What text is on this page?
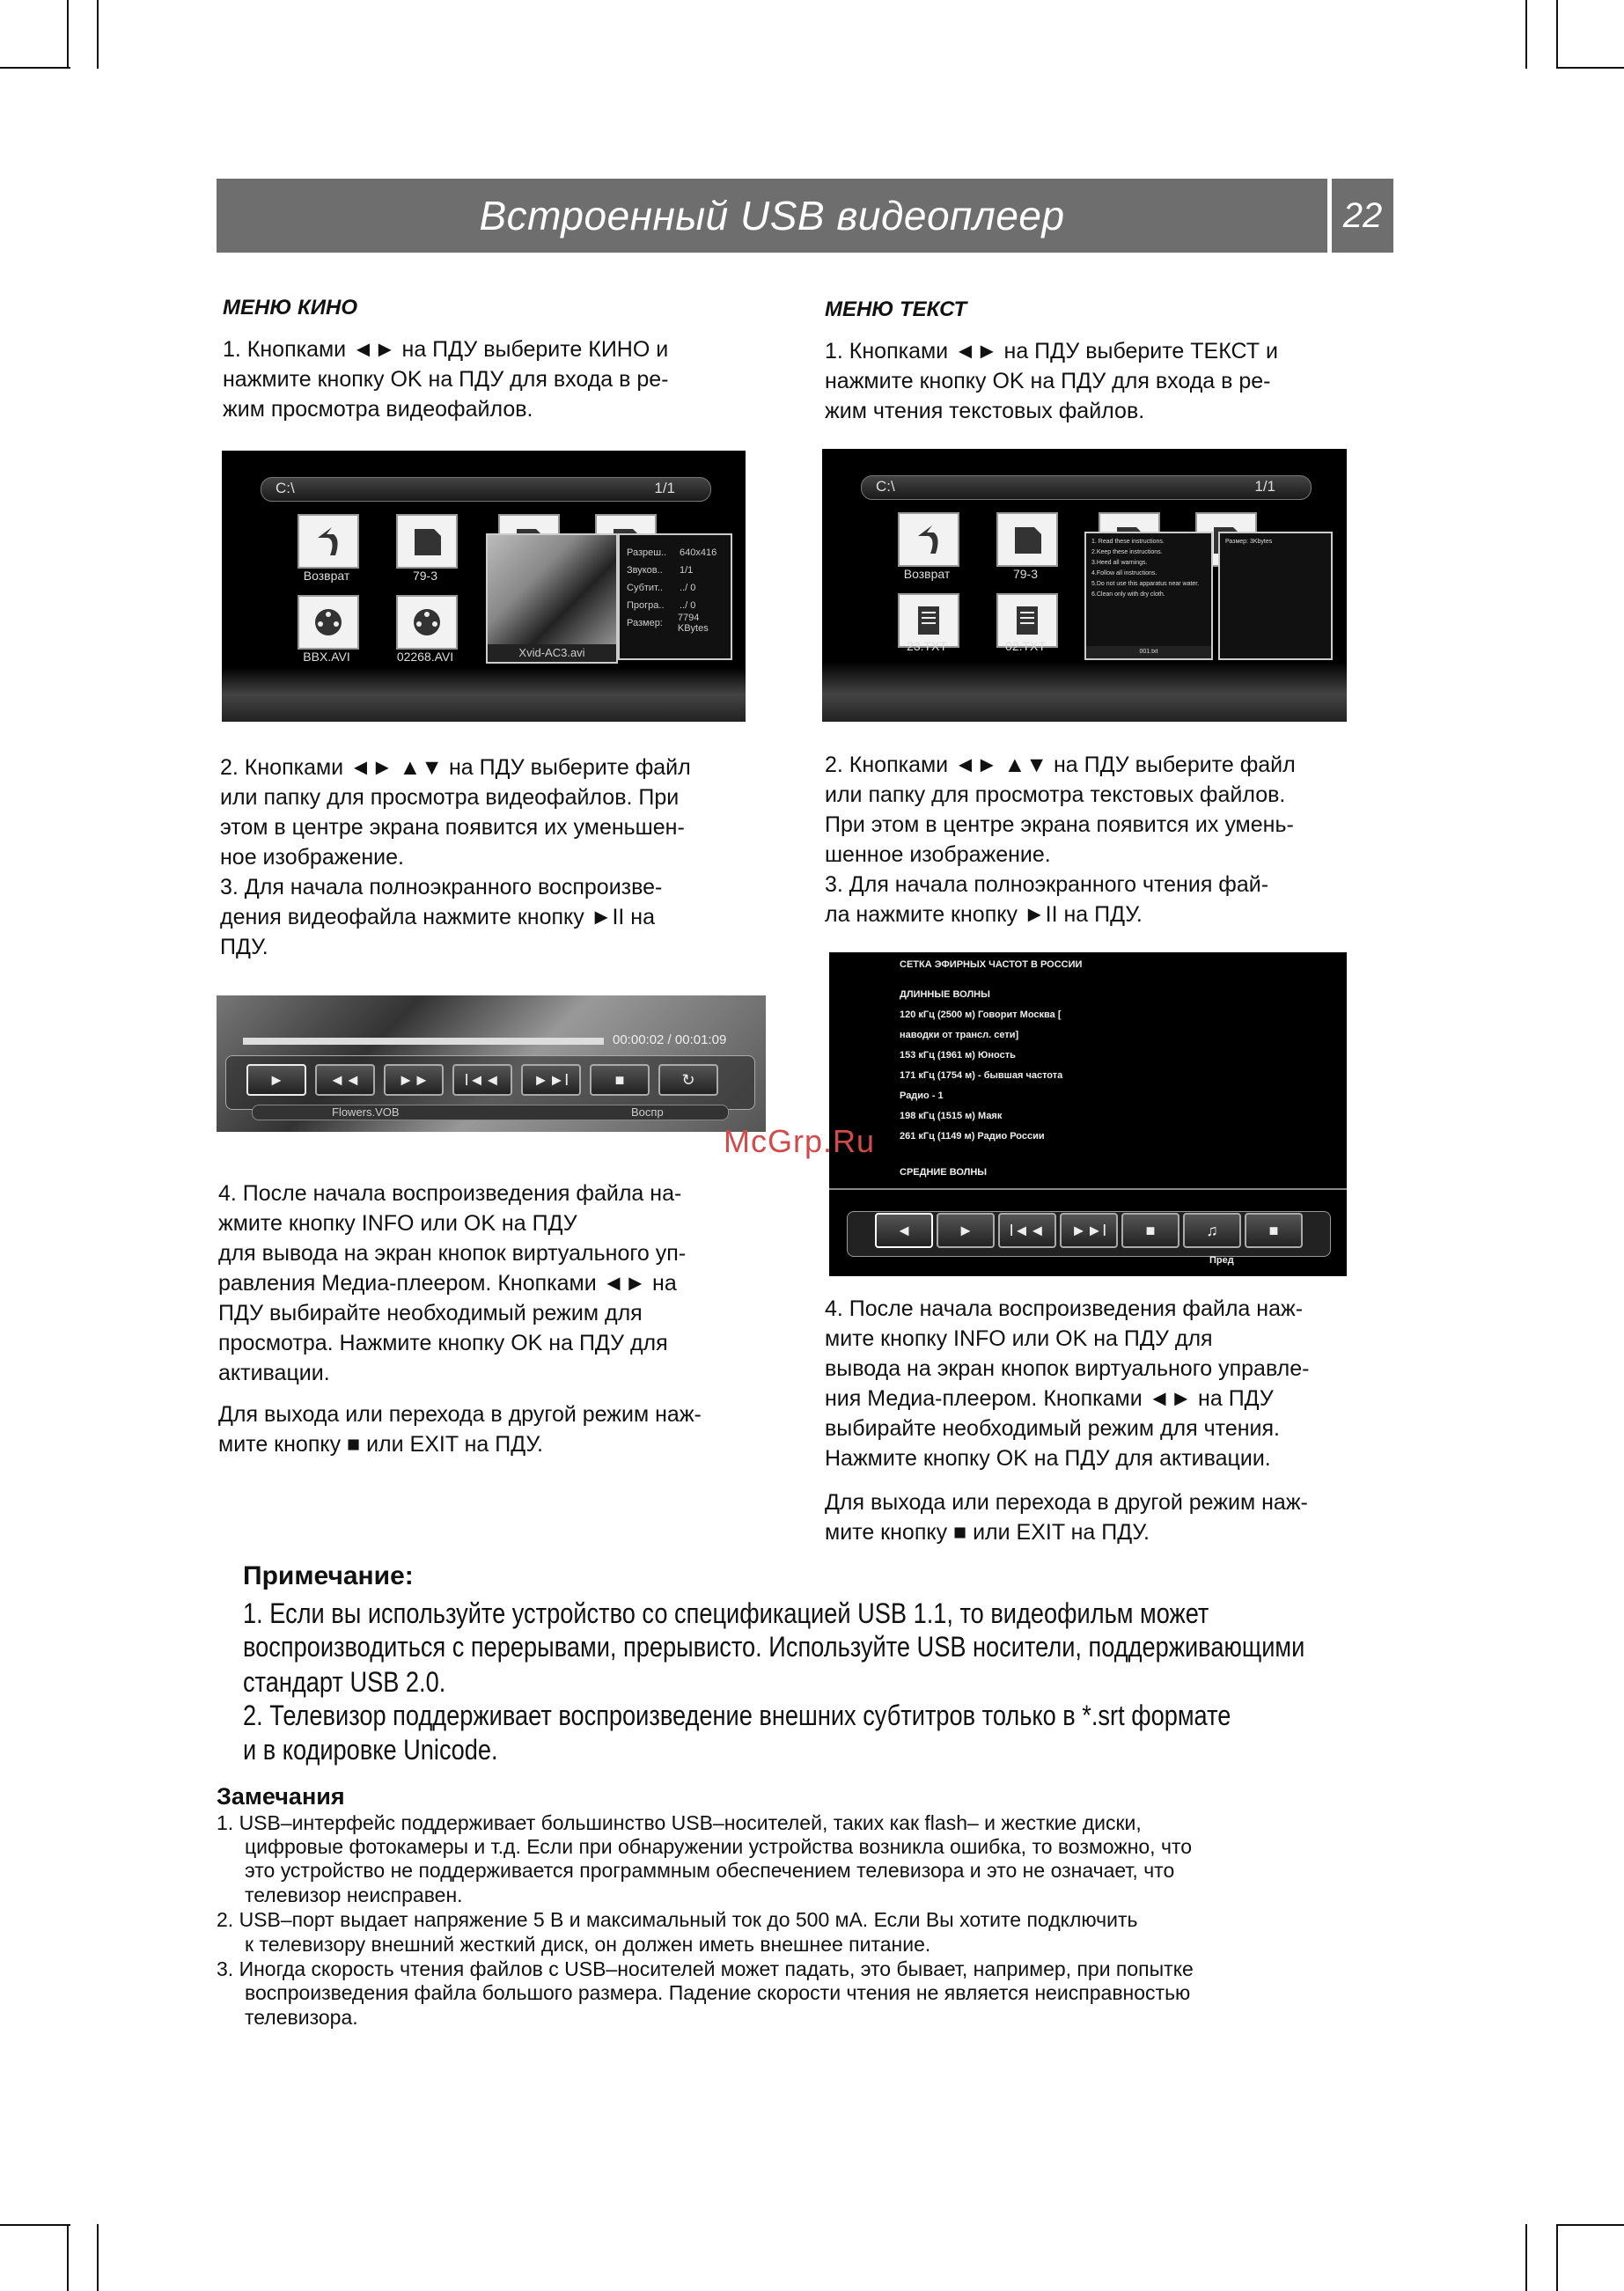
Встроенный USB видеоплеер	22
МЕНЮ КИНО
1. Кнопками ◄► на ПДУ выберите КИНО и
нажмите кнопку OK на ПДУ для входа в ре-
жим просмотра видеофайлов.
C:\	1/1
Возврат	79-3
BBX.AVI	02268.AVI	Xvid-AC3.avi
Разреш..	640x416
Звуков..	1/1
Субтит..	../ 0
Програ..	../ 0
Размер:	7794 KBytes
2. Кнопками ◄► ▲▼ на ПДУ выберите файл
или папку для просмотра видеофайлов. При
этом в центре экрана появится их уменьшен-
ное изображение.
3. Для начала полноэкранного воспроизве-
дения видеофайла нажмите кнопку ►II на
ПДУ.
00:00:02 / 00:01:09
►	◄◄	►►	I◄◄	►►I	■	↻
Flowers.VOB	Воспр
4. После начала воспроизведения файла на-
жмите кнопку INFO или OK на ПДУ
для вывода на экран кнопок виртуального уп-
равления Медиа-плеером. Кнопками ◄► на
ПДУ выбирайте необходимый режим для
просмотра. Нажмите кнопку OK на ПДУ для
активации.
Для выхода или перехода в другой режим наж-
мите кнопку ■ или EXIT на ПДУ.
МЕНЮ ТЕКСТ
1. Кнопками ◄► на ПДУ выберите ТЕКСТ и
нажмите кнопку OK на ПДУ для входа в ре-
жим чтения текстовых файлов.
C:\	1/1
Возврат	79-3
23.TXT	02.TXT
1. Read these instructions.
2.Keep these instructions.
3.Heed all warnings.
4.Follow all instructions.
5.Do not use this apparatus near water.
6.Clean only with dry cloth.
001.txt
Размер: 3Kbytes
2. Кнопками ◄► ▲▼ на ПДУ выберите файл
или папку для просмотра текстовых файлов.
При этом в центре экрана появится их умень-
шенное изображение.
3. Для начала полноэкранного чтения фай-
ла нажмите кнопку ►II на ПДУ.
СЕТКА ЭФИРНЫХ ЧАСТОТ В РОССИИ
ДЛИННЫЕ ВОЛНЫ
120 кГц (2500 м) Говорит Москва [
наводки от трансл. сети]
153 кГц (1961 м) Юность
171 кГц (1754 м) - бывшая частота
Радио - 1
198 кГц (1515 м) Маяк
261 кГц (1149 м) Радио России
СРЕДНИЕ ВОЛНЫ
◄	►	I◄◄	►►I	■	♫	■
Пред
4. После начала воспроизведения файла наж-
мите кнопку INFO или OK на ПДУ для
вывода на экран кнопок виртуального управле-
ния Медиа-плеером. Кнопками ◄► на ПДУ
выбирайте необходимый режим для чтения.
Нажмите кнопку OK на ПДУ для активации.
Для выхода или перехода в другой режим наж-
мите кнопку ■ или EXIT на ПДУ.
McGrp.Ru
Примечание:
1. Если вы используйте устройство со спецификацией USB 1.1, то видеофильм может
воспроизводиться с перерывами, прерывисто. Используйте USB носители, поддерживающими
стандарт USB 2.0.
2. Телевизор поддерживает воспроизведение внешних субтитров только в *.srt формате
и в кодировке Unicode.
Замечания
1. USB–интерфейс поддерживает большинство USB–носителей, таких как flash– и жесткие диски,
цифровые фотокамеры и т.д. Если при обнаружении устройства возникла ошибка, то возможно, что
это устройство не поддерживается программным обеспечением телевизора и это не означает, что
телевизор неисправен.
2. USB–порт выдает напряжение 5 В и максимальный ток до 500 мА. Если Вы хотите подключить
к телевизору внешний жесткий диск, он должен иметь внешнее питание.
3. Иногда скорость чтения файлов с USB–носителей может падать, это бывает, например, при попытке
воспроизведения файла большого размера. Падение скорости чтения не является неисправностью
телевизора.
